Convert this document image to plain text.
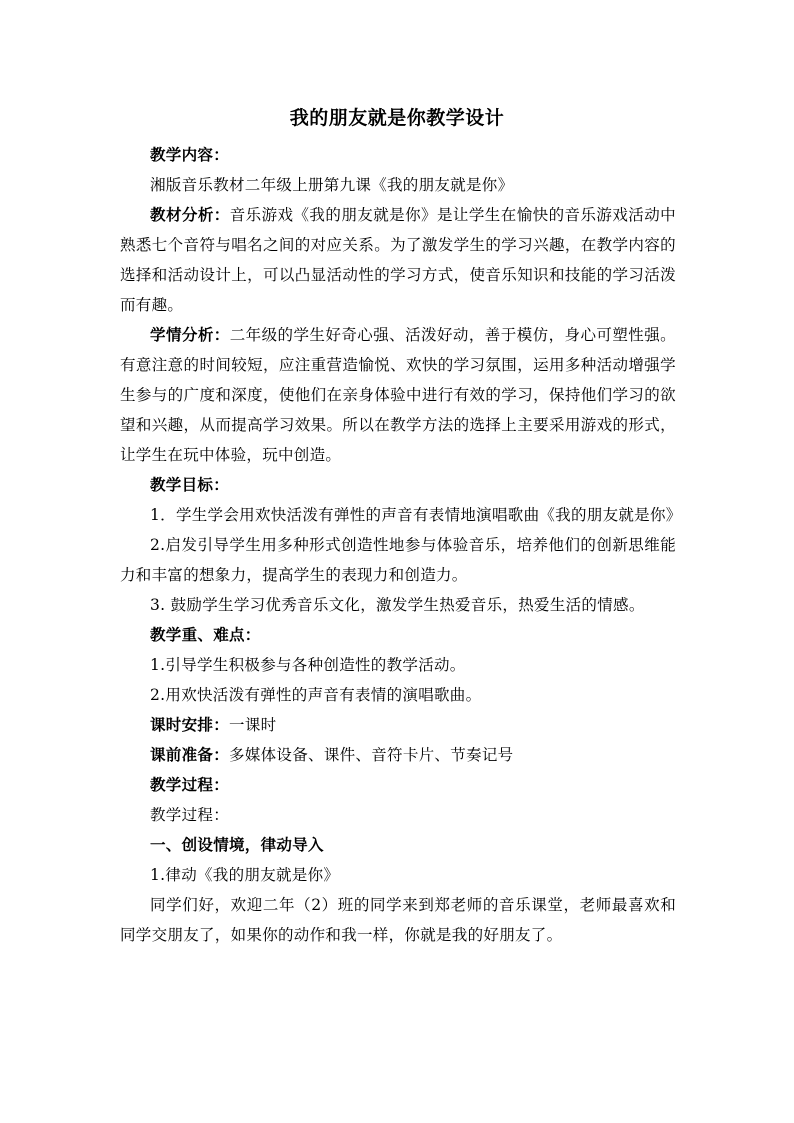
我的朋友就是你教学设计

教学内容：

湘版音乐教材二年级上册第九课《我的朋友就是你》

教材分析：音乐游戏《我的朋友就是你》是让学生在愉快的音乐游戏活动中熟悉七个音符与唱名之间的对应关系。为了激发学生的学习兴趣，在教学内容的选择和活动设计上，可以凸显活动性的学习方式，使音乐知识和技能的学习活泼而有趣。

学情分析：二年级的学生好奇心强、活泼好动，善于模仿，身心可塑性强。有意注意的时间较短，应注重营造愉悦、欢快的学习氛围，运用多种活动增强学生参与的广度和深度，使他们在亲身体验中进行有效的学习，保持他们学习的欲望和兴趣，从而提高学习效果。所以在教学方法的选择上主要采用游戏的形式，让学生在玩中体验，玩中创造。

教学目标：

1．学生学会用欢快活泼有弹性的声音有表情地演唱歌曲《我的朋友就是你》

2.启发引导学生用多种形式创造性地参与体验音乐，培养他们的创新思维能力和丰富的想象力，提高学生的表现力和创造力。

3. 鼓励学生学习优秀音乐文化，激发学生热爱音乐，热爱生活的情感。

教学重、难点：

1.引导学生积极参与各种创造性的教学活动。

2.用欢快活泼有弹性的声音有表情的演唱歌曲。

课时安排：一课时

课前准备：多媒体设备、课件、音符卡片、节奏记号

教学过程：

教学过程：

一、创设情境，律动导入

1.律动《我的朋友就是你》

同学们好，欢迎二年（2）班的同学来到郑老师的音乐课堂，老师最喜欢和同学交朋友了，如果你的动作和我一样，你就是我的好朋友了。
